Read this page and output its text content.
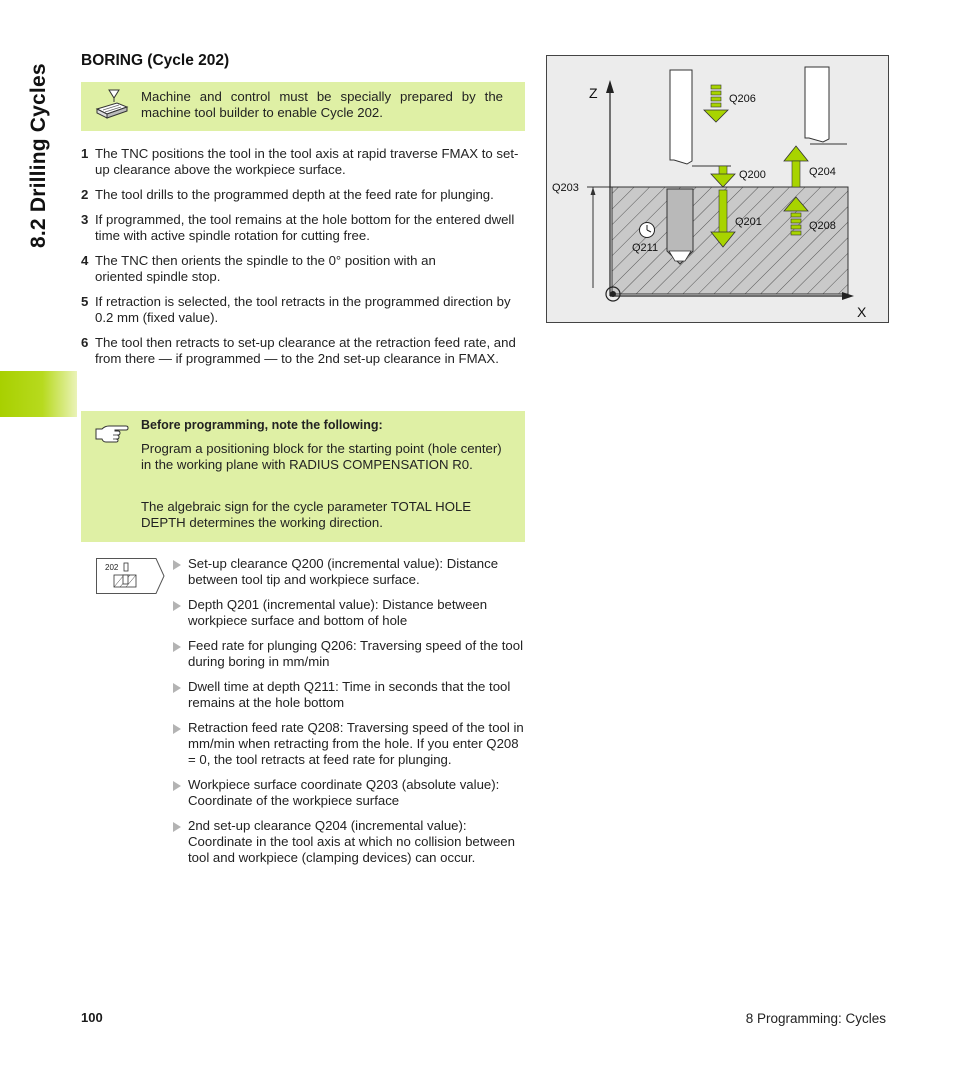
8.2 Drilling Cycles
BORING (Cycle 202)
Machine and control must be specially prepared by the machine tool builder to enable Cycle 202.
1 The TNC positions the tool in the tool axis at rapid traverse FMAX to set-up clearance above the workpiece surface.
2 The tool drills to the programmed depth at the feed rate for plunging.
3 If programmed, the tool remains at the hole bottom for the entered dwell time with active spindle rotation for cutting free.
4 The TNC then orients the spindle to the 0° position with an oriented spindle stop.
5 If retraction is selected, the tool retracts in the programmed direction by 0.2 mm (fixed value).
6 The tool then retracts to set-up clearance at the retraction feed rate, and from there — if programmed — to the 2nd set-up clearance in FMAX.
Before programming, note the following:
Program a positioning block for the starting point (hole center) in the working plane with RADIUS COMPENSATION R0.
The algebraic sign for the cycle parameter TOTAL HOLE DEPTH determines the working direction.
202	Set-up clearance Q200 (incremental value): Distance between tool tip and workpiece surface.
Depth Q201 (incremental value): Distance between workpiece surface and bottom of hole
Feed rate for plunging Q206: Traversing speed of the tool during boring in mm/min
Dwell time at depth Q211: Time in seconds that the tool remains at the hole bottom
Retraction feed rate Q208: Traversing speed of the tool in mm/min when retracting from the hole. If you enter Q208 = 0, the tool retracts at feed rate for plunging.
Workpiece surface coordinate Q203 (absolute value): Coordinate of the workpiece surface
2nd set-up clearance Q204 (incremental value): Coordinate in the tool axis at which no collision between tool and workpiece (clamping devices) can occur.
Z
X
Q206
Q200	Q204
Q203
Q201	Q208
Q211
100	8 Programming: Cycles
